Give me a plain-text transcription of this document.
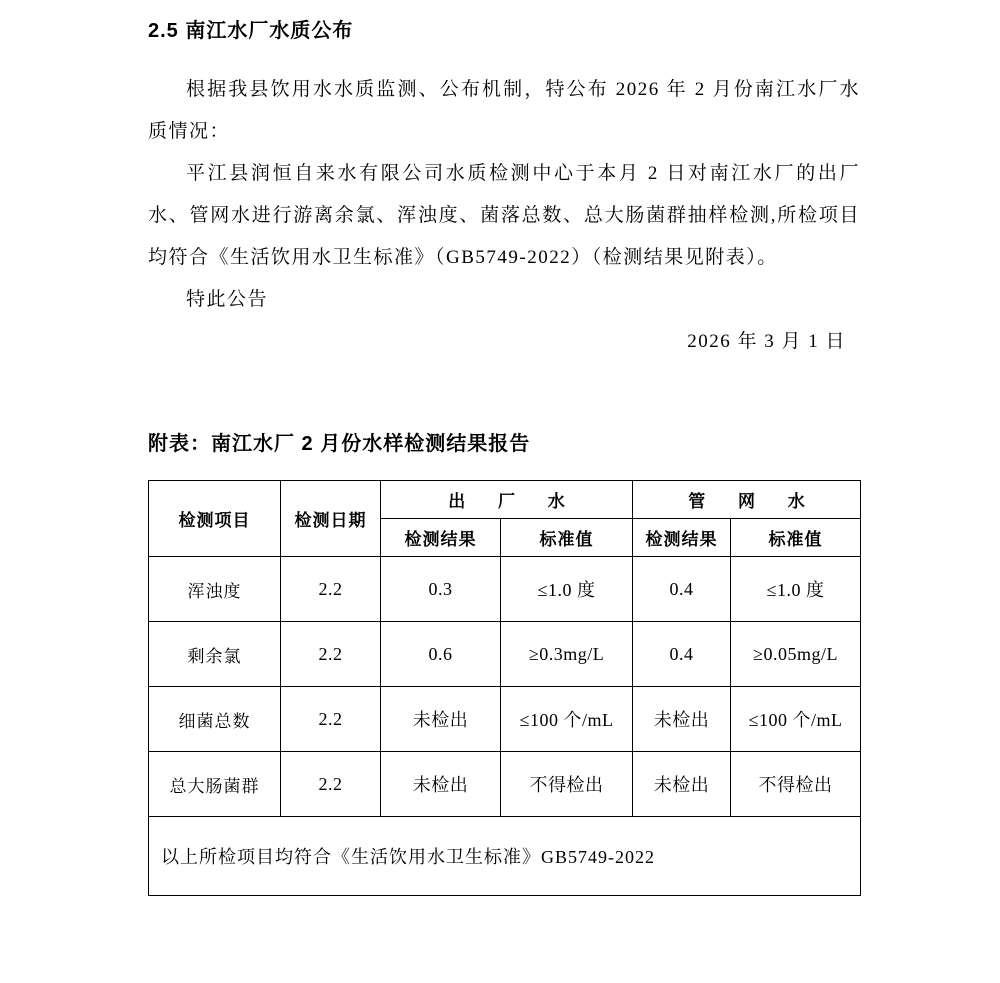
2.5 南江水厂水质公布

根据我县饮用水水质监测、公布机制，特公布 2026 年 2 月份南江水厂水质情况：

平江县润恒自来水有限公司水质检测中心于本月 2 日对南江水厂的出厂水、管网水进行游离余氯、浑浊度、菌落总数、总大肠菌群抽样检测,所检项目均符合《生活饮用水卫生标准》（GB5749-2022）（检测结果见附表）。

特此公告

2026 年 3 月 1 日

附表：南江水厂 2 月份水样检测结果报告
检测项目	检测日期	出 厂 水		管 网 水	
		检测结果	标准值	检测结果	标准值
浑浊度	2.2	0.3	≤1.0 度	0.4	≤1.0 度
剩余氯	2.2	0.6	≥0.3mg/L	0.4	≥0.05mg/L
细菌总数	2.2	未检出	≤100 个/mL	未检出	≤100 个/mL
总大肠菌群	2.2	未检出	不得检出	未检出	不得检出
以上所检项目均符合《生活饮用水卫生标准》GB5749-2022					
